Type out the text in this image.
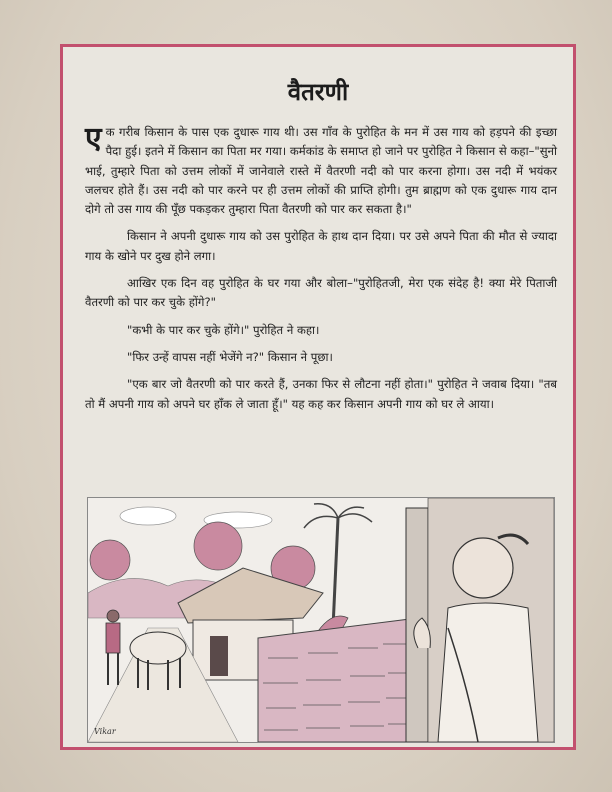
वैतरणी

एक गरीब किसान के पास एक दुधारू गाय थी। उस गाँव के पुरोहित के मन में उस गाय को हड़पने की इच्छा पैदा हुई। इतने में किसान का पिता मर गया। कर्मकांड के समाप्त हो जाने पर पुरोहित ने किसान से कहा–"सुनो भाई, तुम्हारे पिता को उत्तम लोकों में जानेवाले रास्ते में वैतरणी नदी को पार करना होगा। उस नदी में भयंकर जलचर होते हैं। उस नदी को पार करने पर ही उत्तम लोकों की प्राप्ति होगी। तुम ब्राह्मण को एक दुधारू गाय दान दोगे तो उस गाय की पूँछ पकड़कर तुम्हारा पिता वैतरणी को पार कर सकता है।"

किसान ने अपनी दुधारू गाय को उस पुरोहित के हाथ दान दिया। पर उसे अपने पिता की मौत से ज्यादा गाय के खोने पर दुख होने लगा।

आखिर एक दिन वह पुरोहित के घर गया और बोला–"पुरोहितजी, मेरा एक संदेह है! क्या मेरे पिताजी वैतरणी को पार कर चुके होंगे?"

"कभी के पार कर चुके होंगे।" पुरोहित ने कहा।

"फिर उन्हें वापस नहीं भेजेंगे न?" किसान ने पूछा।

"एक बार जो वैतरणी को पार करते हैं, उनका फिर से लौटना नहीं होता।" पुरोहित ने जवाब दिया। "तब तो मैं अपनी गाय को अपने घर हाँक ले जाता हूँ।" यह कह कर किसान अपनी गाय को घर ले आया।

Vikar
